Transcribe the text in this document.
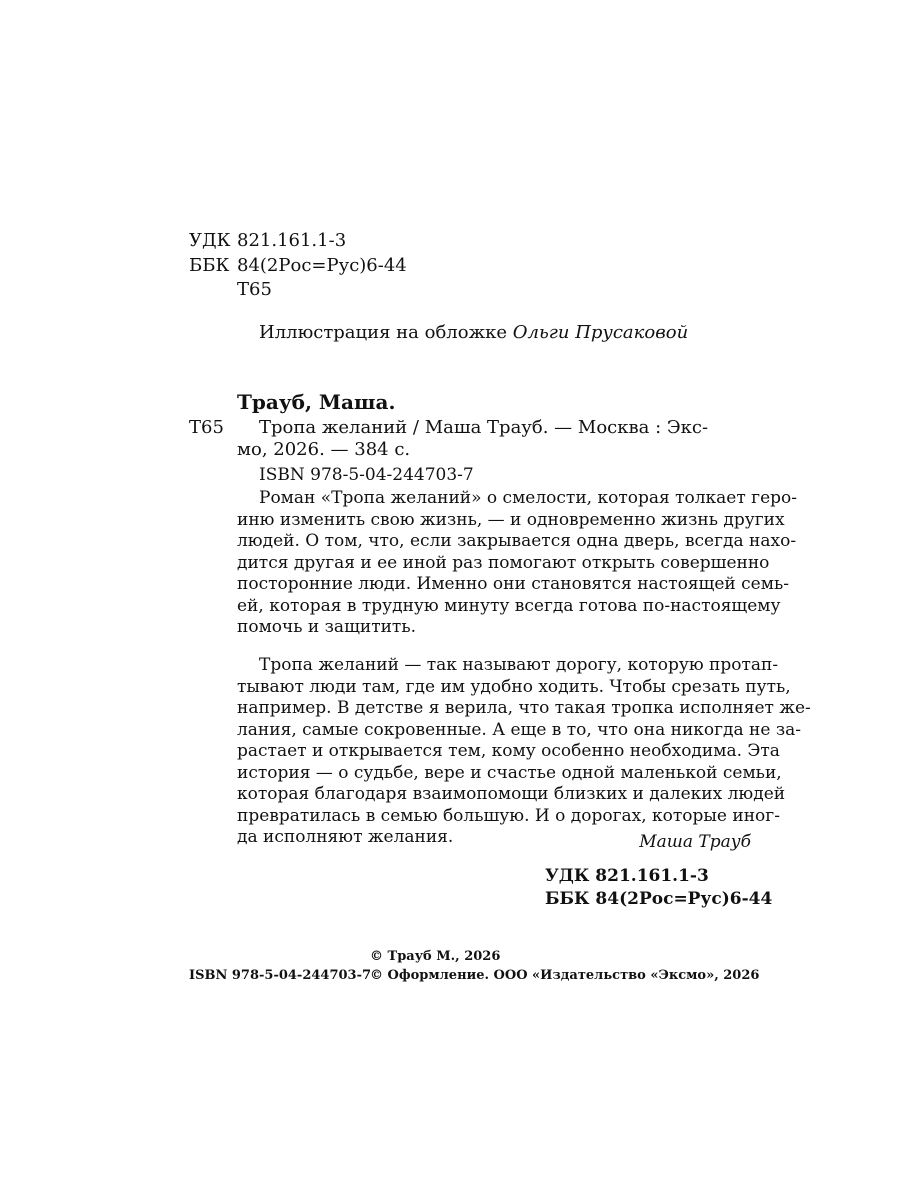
УДК 821.161.1-3
ББК 84(2Рос=Рус)6-44
Т65
Иллюстрация на обложке Ольги Прусаковой
Трауб, Маша.
Т65 Тропа желаний / Маша Трауб. — Москва : Экс-
мо, 2026. — 384 с.
ISBN 978-5-04-244703-7
Роман «Тропа желаний» о смелости, которая толкает геро-
иню изменить свою жизнь, — и одновременно жизнь других
людей. О том, что, если закрывается одна дверь, всегда нахо-
дится другая и ее иной раз помогают открыть совершенно
посторонние люди. Именно они становятся настоящей семь-
ей, которая в трудную минуту всегда готова по-настоящему
помочь и защитить.
Тропа желаний — так называют дорогу, которую протап-
тывают люди там, где им удобно ходить. Чтобы срезать путь,
например. В детстве я верила, что такая тропка исполняет же-
лания, самые сокровенные. А еще в то, что она никогда не за-
растает и открывается тем, кому особенно необходима. Эта
история — о судьбе, вере и счастье одной маленькой семьи,
которая благодаря взаимопомощи близких и далеких людей
превратилась в семью большую. И о дорогах, которые иног-
да исполняют желания.	Маша Трауб
УДК 821.161.1-3
ББК 84(2Рос=Рус)6-44
© Трауб М., 2026
ISBN 978-5-04-244703-7
© Оформление. ООО «Издательство «Эксмо», 2026
